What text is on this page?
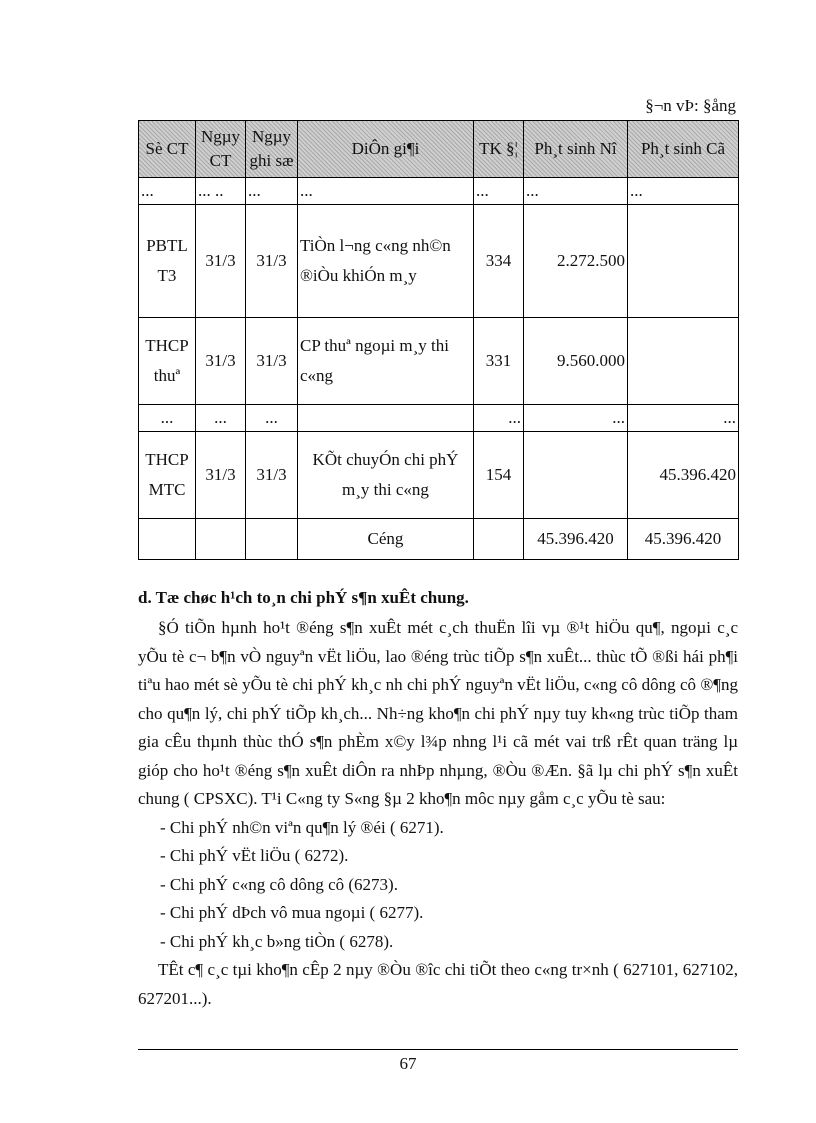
§¬n vÞ: §ång
Sè CT	Ngµy CT	Ngµy ghi sæ	DiÔn gi¶i	TK §¦	Ph¸t sinh Nî	Ph¸t sinh Cã
...	... ..	...	...	...	...	...
PBTL T3	31/3	31/3	TiÒn l¬ng c«ng nh©n ®iÒu khiÓn m¸y	334	2.272.500	
THCP thuª	31/3	31/3	CP thuª ngoµi m¸y thi c«ng	331	9.560.000	
...	...	...		...	...	...
THCP MTC	31/3	31/3	KÕt chuyÓn chi phÝ m¸y thi c«ng	154		45.396.420
			Céng		45.396.420	45.396.420
d. Tæ chøc h¹ch to¸n chi phÝ s¶n xuÊt chung.

§Ó tiÕn hµnh ho¹t ®éng s¶n xuÊt mét c¸ch thuËn lîi vµ ®¹t hiÖu qu¶, ngoµi c¸c yÕu tè c¬ b¶n vÒ nguyªn vËt liÖu, lao ®éng trùc tiÕp s¶n xuÊt... thùc tÕ ®ßi hái ph¶i tiªu hao mét sè yÕu tè chi phÝ kh¸c nh chi phÝ nguyªn vËt liÖu, c«ng cô dông cô ®¶ng cho qu¶n lý, chi phÝ tiÕp kh¸ch... Nh÷ng kho¶n chi phÝ nµy tuy kh«ng trùc tiÕp tham gia cÊu thµnh thùc thÓ s¶n phÈm x©y l¾p nhng l¹i cã mét vai trß rÊt quan träng lµ gióp cho ho¹t ®éng s¶n xuÊt diÔn ra nhÞp nhµng, ®Òu ®Æn. §ã lµ chi phÝ s¶n xuÊt chung ( CPSXC). T¹i C«ng ty S«ng §µ 2 kho¶n môc nµy gåm c¸c yÕu tè sau:

- Chi phÝ nh©n viªn qu¶n lý ®éi ( 6271).
- Chi phÝ vËt liÖu ( 6272).
- Chi phÝ c«ng cô dông cô (6273).
- Chi phÝ dÞch vô mua ngoµi ( 6277).
- Chi phÝ kh¸c b»ng tiÒn ( 6278).

TÊt c¶ c¸c tµi kho¶n cÊp 2 nµy ®Òu ®îc chi tiÕt theo c«ng tr×nh ( 627101, 627102, 627201...).

67
